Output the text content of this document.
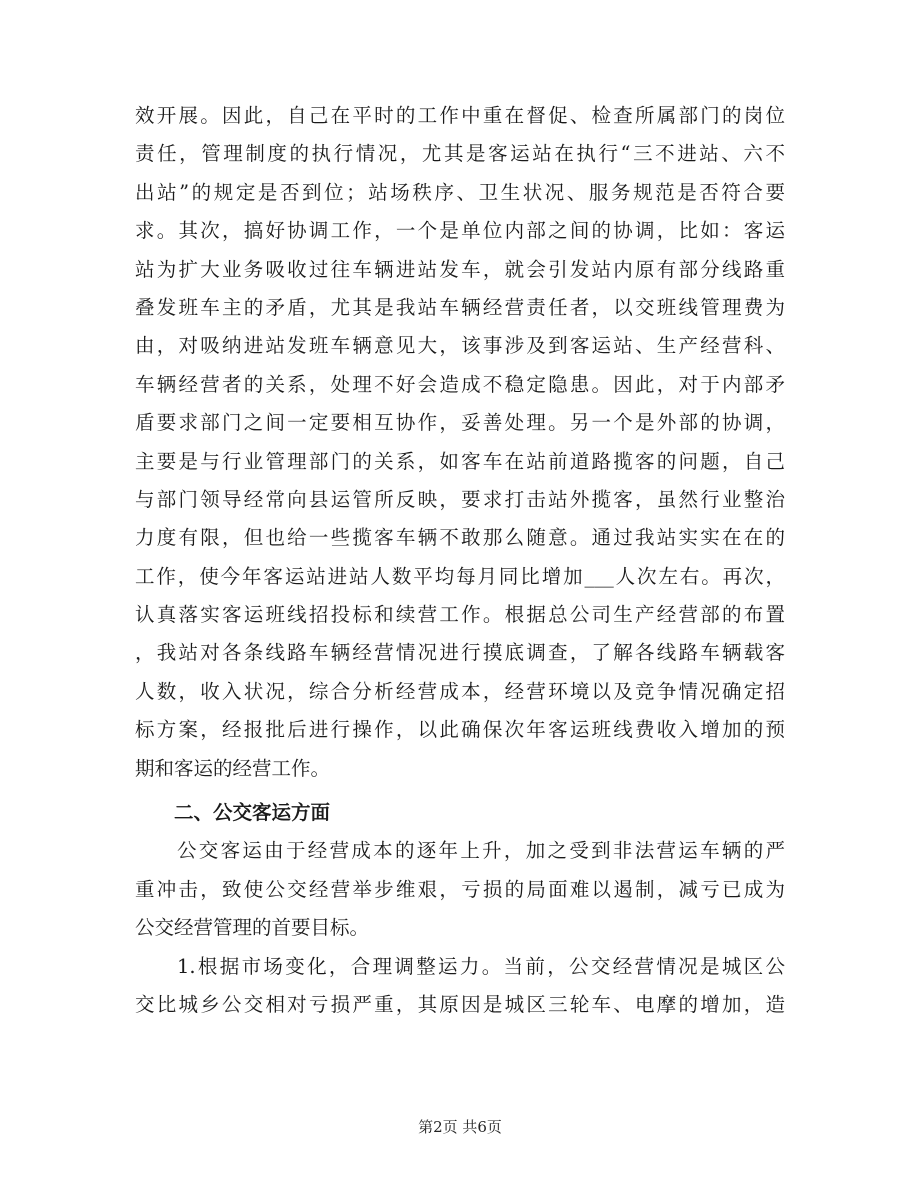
效开展。因此，自己在平时的工作中重在督促、检查所属部门的岗位
责任，管理制度的执行情况，尤其是客运站在执行“三不进站、六不
出站”的规定是否到位；站场秩序、卫生状况、服务规范是否符合要
求。其次，搞好协调工作，一个是单位内部之间的协调，比如：客运
站为扩大业务吸收过往车辆进站发车，就会引发站内原有部分线路重
叠发班车主的矛盾，尤其是我站车辆经营责任者，以交班线管理费为
由，对吸纳进站发班车辆意见大，该事涉及到客运站、生产经营科、
车辆经营者的关系，处理不好会造成不稳定隐患。因此，对于内部矛
盾要求部门之间一定要相互协作，妥善处理。另一个是外部的协调，
主要是与行业管理部门的关系，如客车在站前道路揽客的问题，自己
与部门领导经常向县运管所反映，要求打击站外揽客，虽然行业整治
力度有限，但也给一些揽客车辆不敢那么随意。通过我站实实在在的
工作，使今年客运站进站人数平均每月同比增加___人次左右。再次，
认真落实客运班线招投标和续营工作。根据总公司生产经营部的布置
，我站对各条线路车辆经营情况进行摸底调查，了解各线路车辆载客
人数，收入状况，综合分析经营成本，经营环境以及竞争情况确定招
标方案，经报批后进行操作，以此确保次年客运班线费收入增加的预
期和客运的经营工作。
二、公交客运方面
公交客运由于经营成本的逐年上升，加之受到非法营运车辆的严
重冲击，致使公交经营举步维艰，亏损的局面难以遏制，减亏已成为
公交经营管理的首要目标。
1.根据市场变化，合理调整运力。当前，公交经营情况是城区公
交比城乡公交相对亏损严重，其原因是城区三轮车、电摩的增加，造
第2页 共6页
